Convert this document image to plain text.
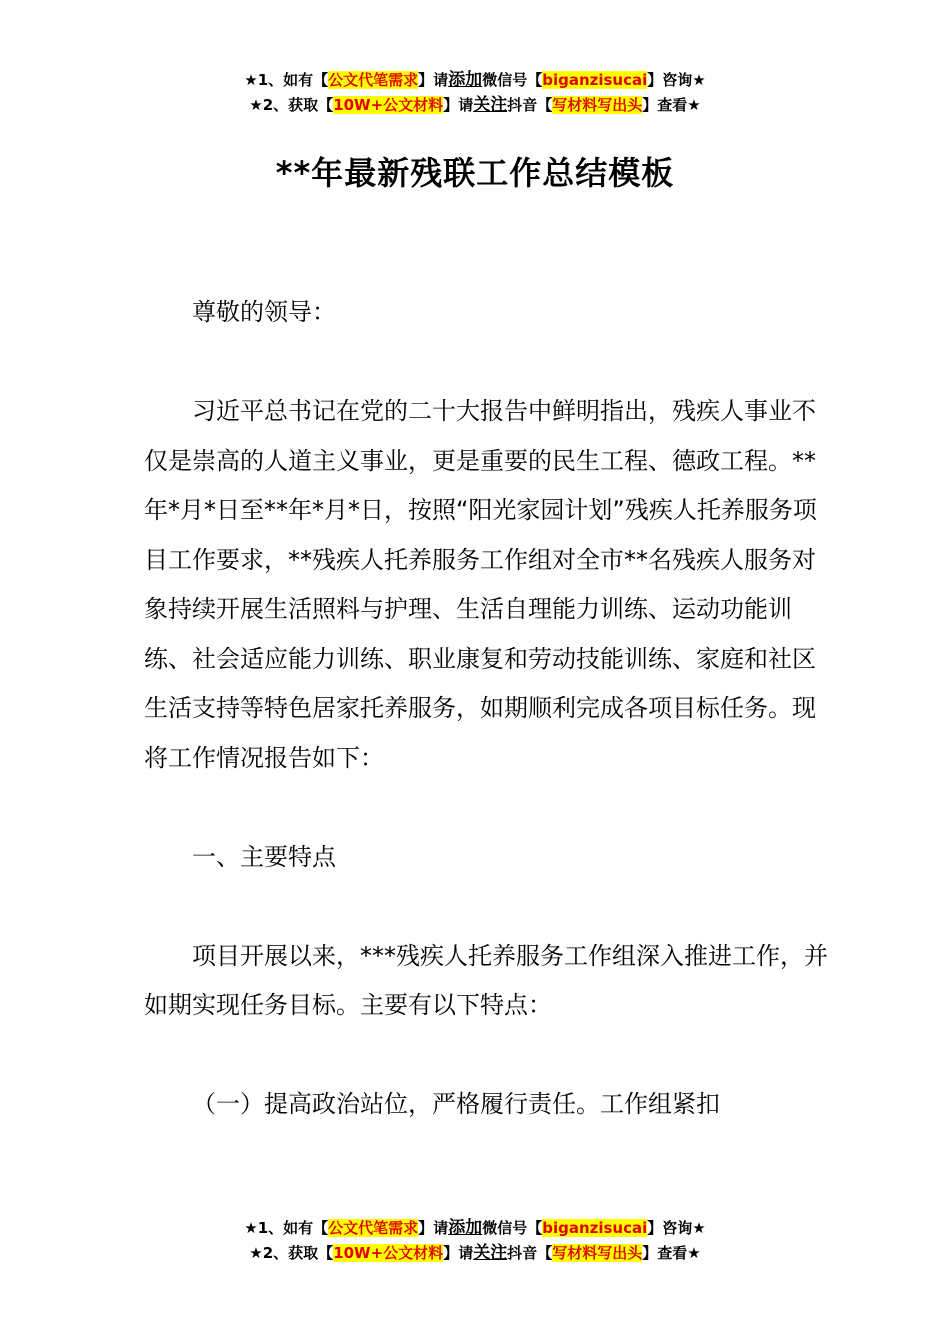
★1、如有【公文代笔需求】请添加微信号【biganzisucai】咨询★
★2、获取【10W+公文材料】请关注抖音【写材料写出头】查看★
**年最新残联工作总结模板

尊敬的领导：

习近平总书记在党的二十大报告中鲜明指出，残疾人事业不仅是崇高的人道主义事业，更是重要的民生工程、德政工程。**年*月*日至**年*月*日，按照“阳光家园计划”残疾人托养服务项目工作要求，**残疾人托养服务工作组对全市**名残疾人服务对象持续开展生活照料与护理、生活自理能力训练、运动功能训练、社会适应能力训练、职业康复和劳动技能训练、家庭和社区生活支持等特色居家托养服务，如期顺利完成各项目标任务。现将工作情况报告如下：

一、主要特点

项目开展以来，***残疾人托养服务工作组深入推进工作，并如期实现任务目标。主要有以下特点：

（一）提高政治站位，严格履行责任。工作组紧扣

★1、如有【公文代笔需求】请添加微信号【biganzisucai】咨询★
★2、获取【10W+公文材料】请关注抖音【写材料写出头】查看★
